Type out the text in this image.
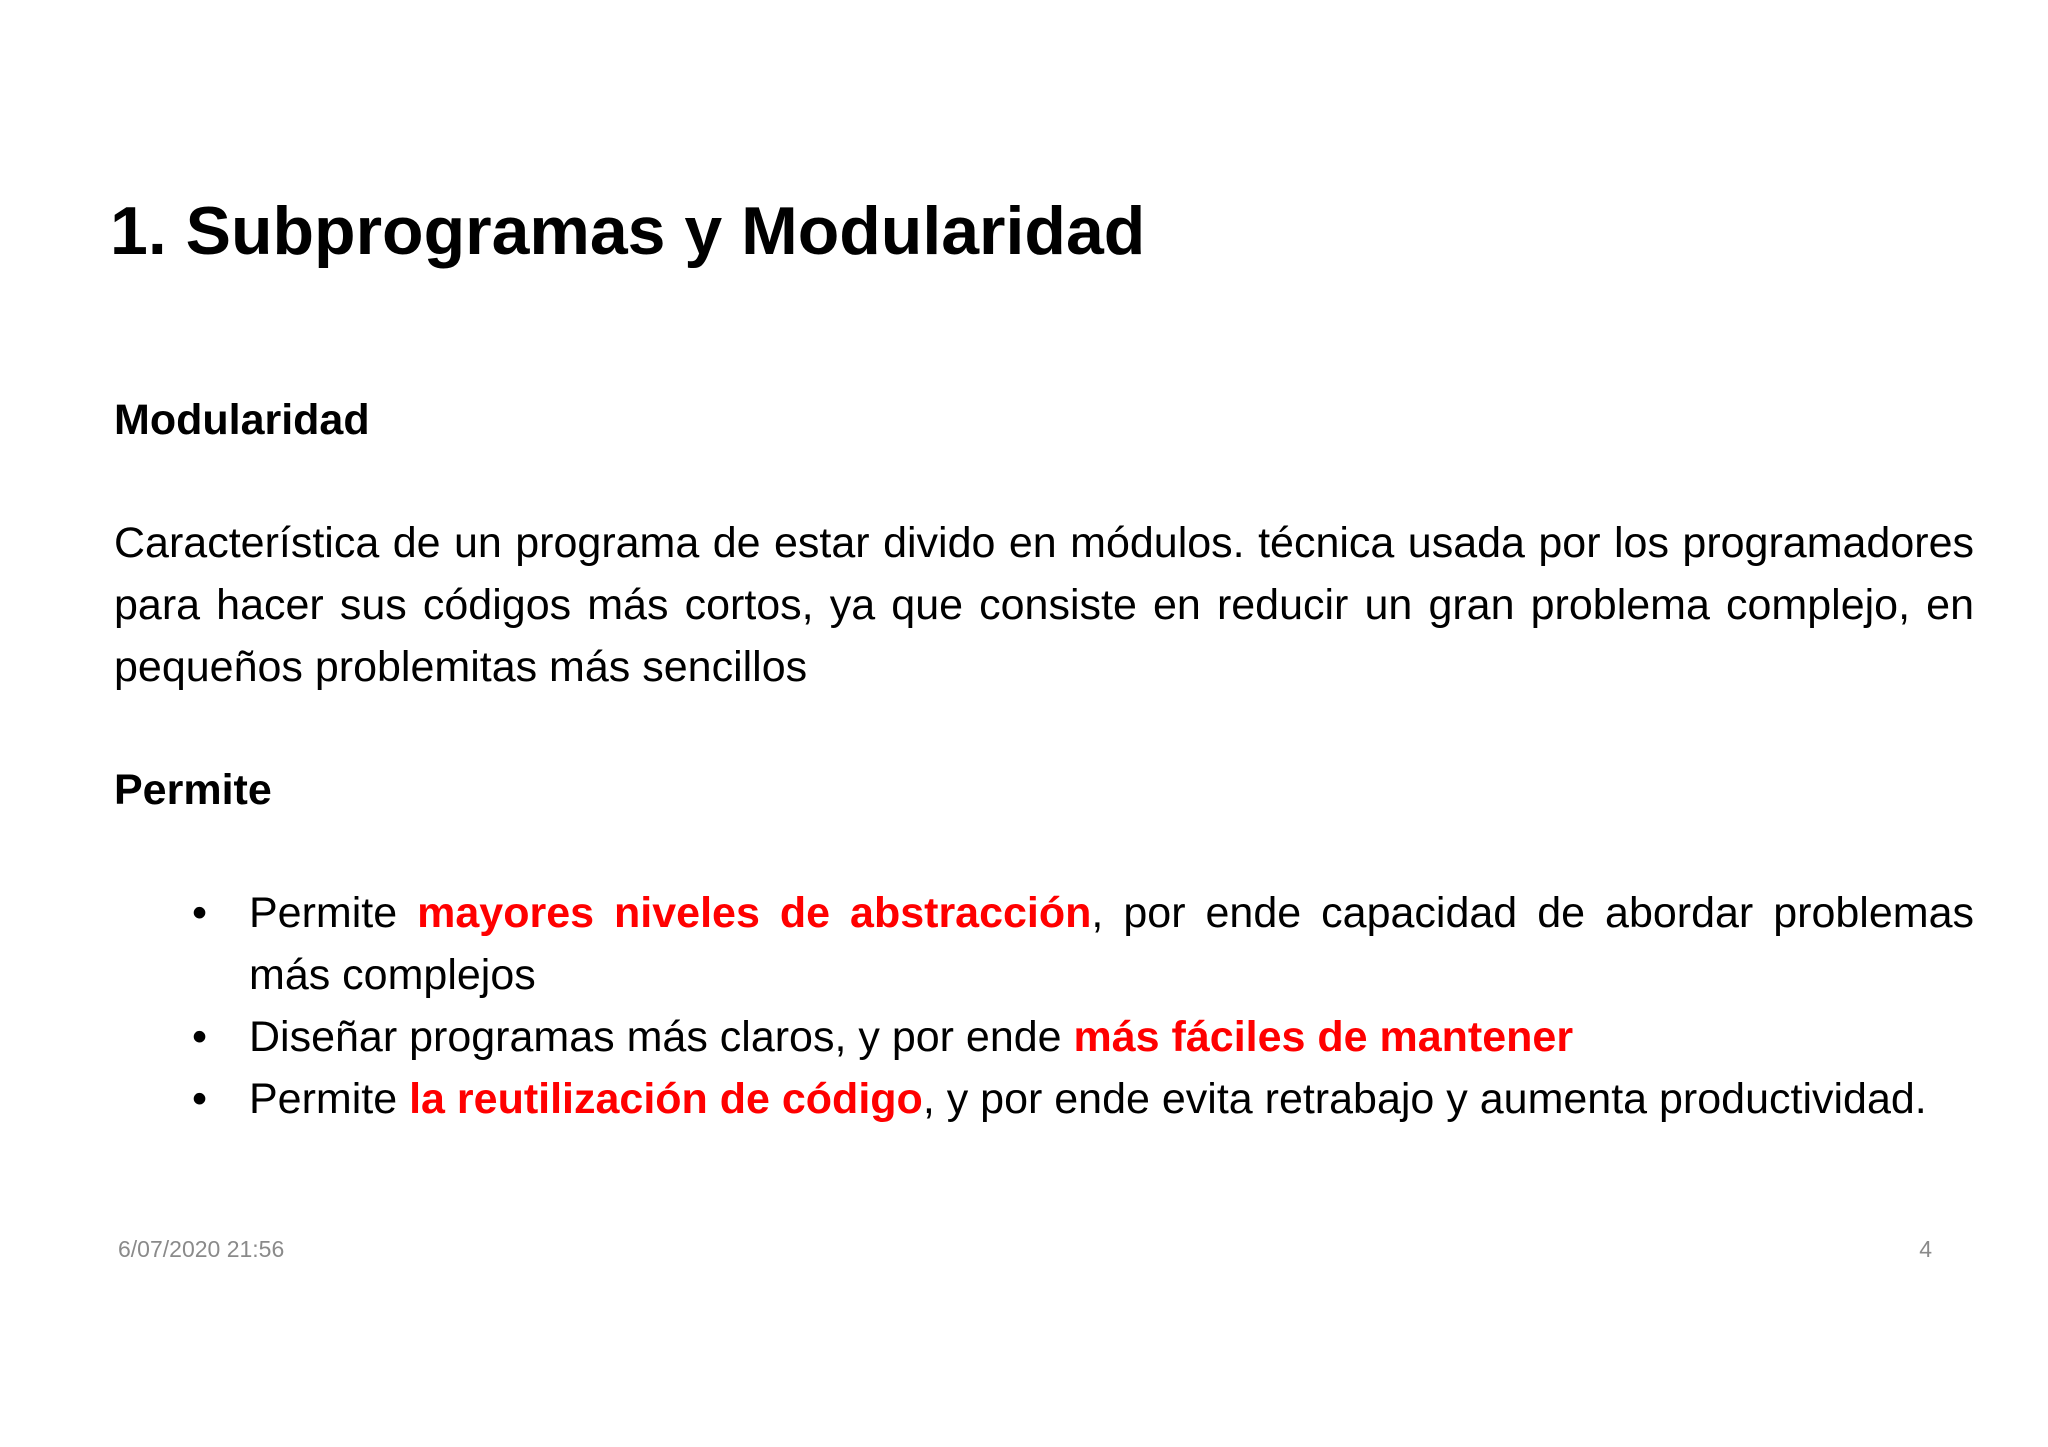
1. Subprogramas y Modularidad
Modularidad

Característica de un programa de estar divido en módulos. técnica usada por los programadores para hacer sus códigos más cortos, ya que consiste en reducir un gran problema complejo, en pequeños problemitas más sencillos

Permite
• Permite mayores niveles de abstracción, por ende capacidad de abordar problemas más complejos
• Diseñar programas más claros, y por ende más fáciles de mantener
• Permite la reutilización de código, y por ende evita retrabajo y aumenta productividad.
6/07/2020 21:56	4
